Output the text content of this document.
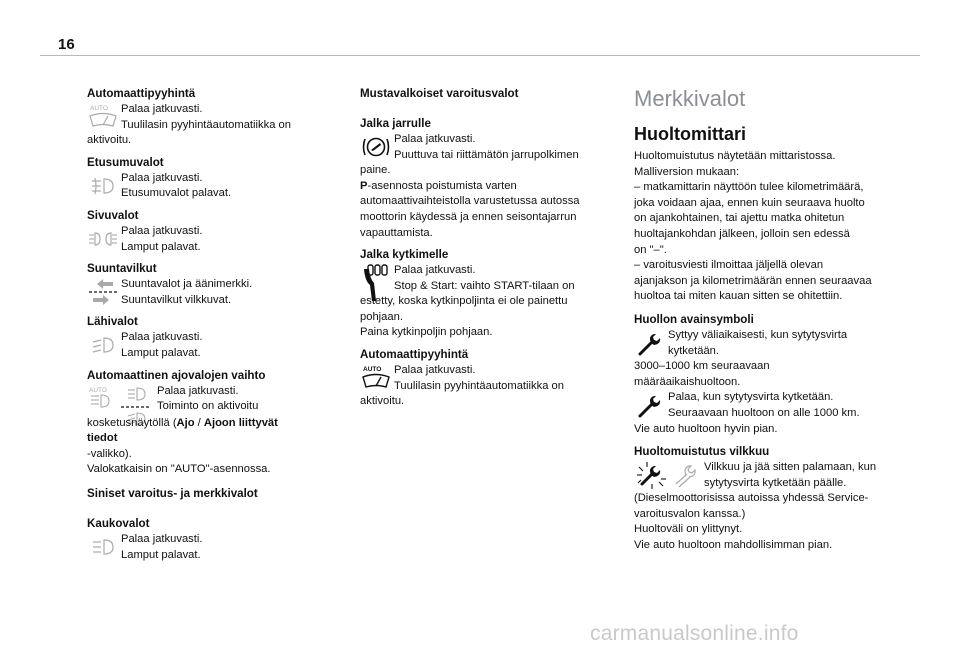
16
Automaattipyyhintä
AUTO	Palaa jatkuvasti.
Tuulilasin pyyhintäautomatiikka on
aktivoitu.
Etusumuvalot
Palaa jatkuvasti.
Etusumuvalot palavat.
Sivuvalot
Palaa jatkuvasti.
Lamput palavat.
Suuntavilkut
Suuntavalot ja äänimerkki.
Suuntavilkut vilkkuvat.
Lähivalot
Palaa jatkuvasti.
Lamput palavat.
Automaattinen ajovalojen vaihto
AUTO	Palaa jatkuvasti.
Toiminto on aktivoitu
kosketusnäytöllä (Ajo / Ajoon liittyvät tiedot
-valikko).
Valokatkaisin on "AUTO"-asennossa.
Siniset varoitus- ja merkkivalot
Kaukovalot
Palaa jatkuvasti.
Lamput palavat.
Mustavalkoiset varoitusvalot
Jalka jarrulle
Palaa jatkuvasti.
Puuttuva tai riittämätön jarrupolkimen
paine.
P-asennosta poistumista varten
automaattivaihteistolla varustetussa autossa
moottorin käydessä ja ennen seisontajarrun
vapauttamista.
Jalka kytkimelle
Palaa jatkuvasti.
Stop & Start: vaihto START-tilaan on
estetty, koska kytkinpoljinta ei ole painettu
pohjaan.
Paina kytkinpoljin pohjaan.
Automaattipyyhintä
AUTO	Palaa jatkuvasti.
Tuulilasin pyyhintäautomatiikka on
aktivoitu.
Merkkivalot
Huoltomittari
Huoltomuistutus näytetään mittaristossa.
Malliversion mukaan:
– matkamittarin näyttöön tulee kilometrimäärä,
joka voidaan ajaa, ennen kuin seuraava huolto
on ajankohtainen, tai ajettu matka ohitetun
huoltajankohdan jälkeen, jolloin sen edessä
on "–".
– varoitusviesti ilmoittaa jäljellä olevan
ajanjakson ja kilometrimäärän ennen seuraavaa
huoltoa tai miten kauan sitten se ohitettiin.
Huollon avainsymboli
Syttyy väliaikaisesti, kun sytytysvirta
kytketään.
3000–1000 km seuraavaan
määräaikaishuoltoon.
Palaa, kun sytytysvirta kytketään.
Seuraavaan huoltoon on alle 1000 km.
Vie auto huoltoon hyvin pian.
Huoltomuistutus vilkkuu
Vilkkuu ja jää sitten palamaan, kun
sytytysvirta kytketään päälle.
(Dieselmoottorisissa autoissa yhdessä Service-
varoitusvalon kanssa.)
Huoltoväli on ylittynyt.
Vie auto huoltoon mahdollisimman pian.
carmanualsonline.info
